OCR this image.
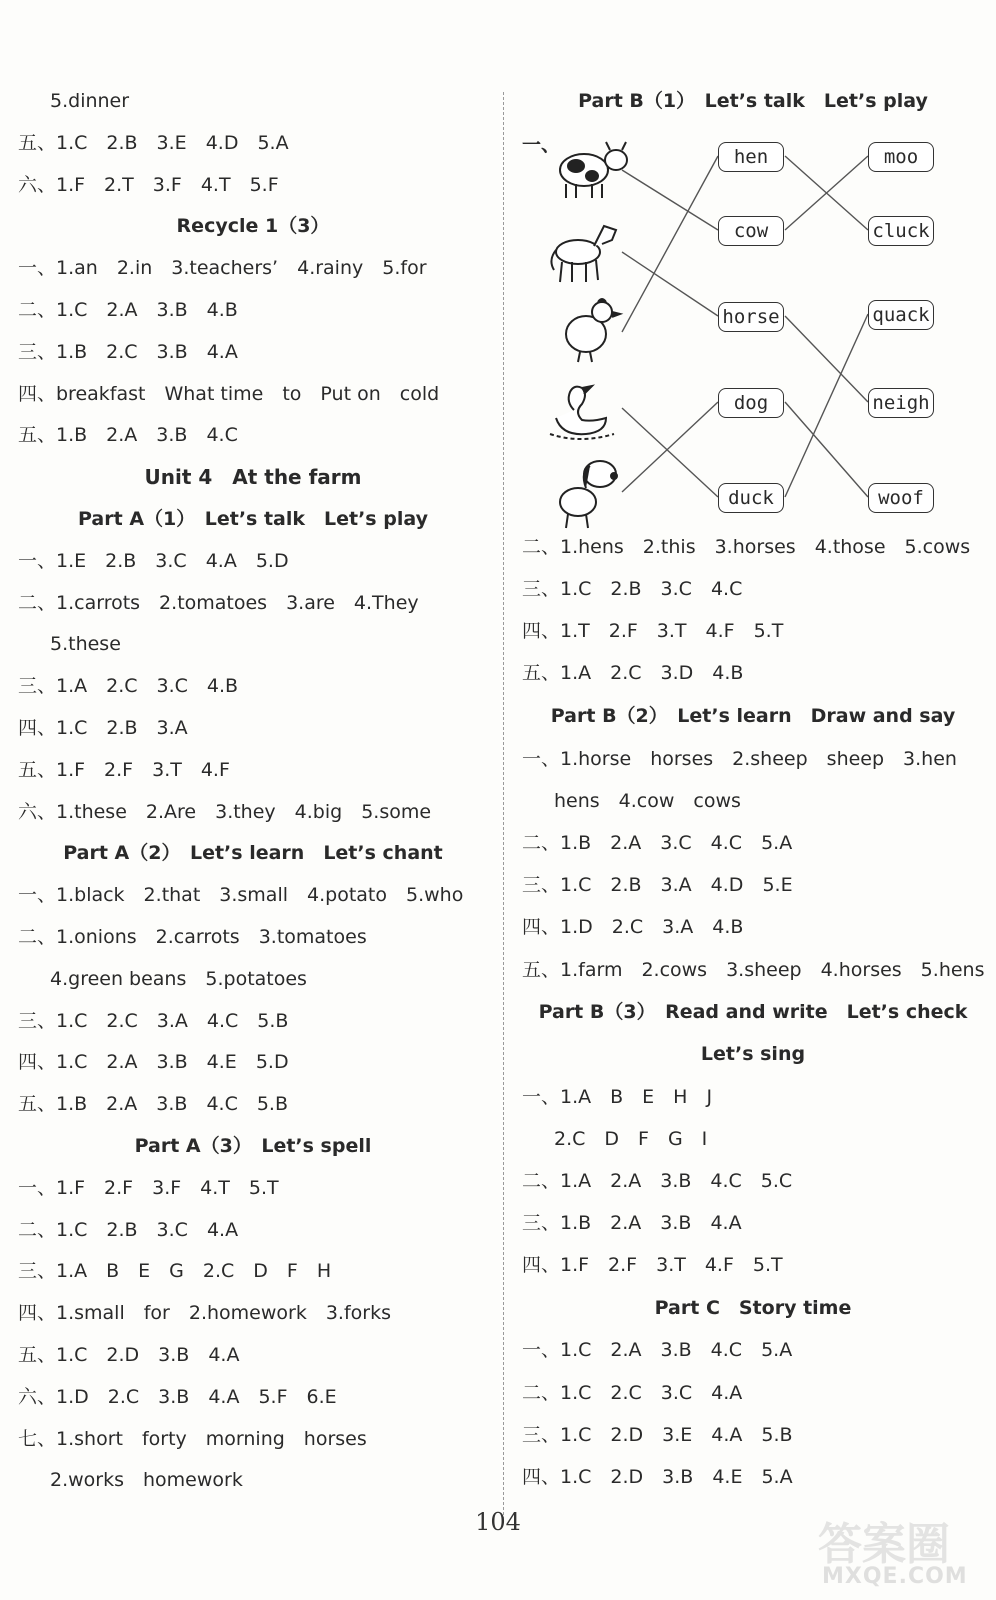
5.dinner
五、1.C　2.B　3.E　4.D　5.A
六、1.F　2.T　3.F　4.T　5.F
Recycle 1（3）
一、1.an　2.in　3.teachers’　4.rainy　5.for
二、1.C　2.A　3.B　4.B
三、1.B　2.C　3.B　4.A
四、breakfast　What time　to　Put on　cold
五、1.B　2.A　3.B　4.C
Unit 4　At the farm
Part A（1）　Let’s talk　Let’s play
一、1.E　2.B　3.C　4.A　5.D
二、1.carrots　2.tomatoes　3.are　4.They
5.these
三、1.A　2.C　3.C　4.B
四、1.C　2.B　3.A
五、1.F　2.F　3.T　4.F
六、1.these　2.Are　3.they　4.big　5.some
Part A（2）　Let’s learn　Let’s chant
一、1.black　2.that　3.small　4.potato　5.who
二、1.onions　2.carrots　3.tomatoes
4.green beans　5.potatoes
三、1.C　2.C　3.A　4.C　5.B
四、1.C　2.A　3.B　4.E　5.D
五、1.B　2.A　3.B　4.C　5.B
Part A（3）　Let’s spell
一、1.F　2.F　3.F　4.T　5.T
二、1.C　2.B　3.C　4.A
三、1.A　B　E　G　2.C　D　F　H
四、1.small　for　2.homework　3.forks
五、1.C　2.D　3.B　4.A
六、1.D　2.C　3.B　4.A　5.F　6.E
七、1.short　forty　morning　horses
2.works　homework
Part B（1）　Let’s talk　Let’s play
二、1.hens　2.this　3.horses　4.those　5.cows
三、1.C　2.B　3.C　4.C
四、1.T　2.F　3.T　4.F　5.T
五、1.A　2.C　3.D　4.B
Part B（2）　Let’s learn　Draw and say
一、1.horse　horses　2.sheep　sheep　3.hen
hens　4.cow　cows
二、1.B　2.A　3.C　4.C　5.A
三、1.C　2.B　3.A　4.D　5.E
四、1.D　2.C　3.A　4.B
五、1.farm　2.cows　3.sheep　4.horses　5.hens
Part B（3）　Read and write　Let’s check
Let’s sing
一、1.A　B　E　H　J
2.C　D　F　G　I
二、1.A　2.A　3.B　4.C　5.C
三、1.B　2.A　3.B　4.A
四、1.F　2.F　3.T　4.F　5.T
Part C　Story time
一、1.C　2.A　3.B　4.C　5.A
二、1.C　2.C　3.C　4.A
三、1.C　2.D　3.E　4.A　5.B
四、1.C　2.D　3.B　4.E　5.A
一、
hen
cow
horse
dog
duck
moo
cluck
quack
neigh
woof
104	答案圈
MXQE.COM
